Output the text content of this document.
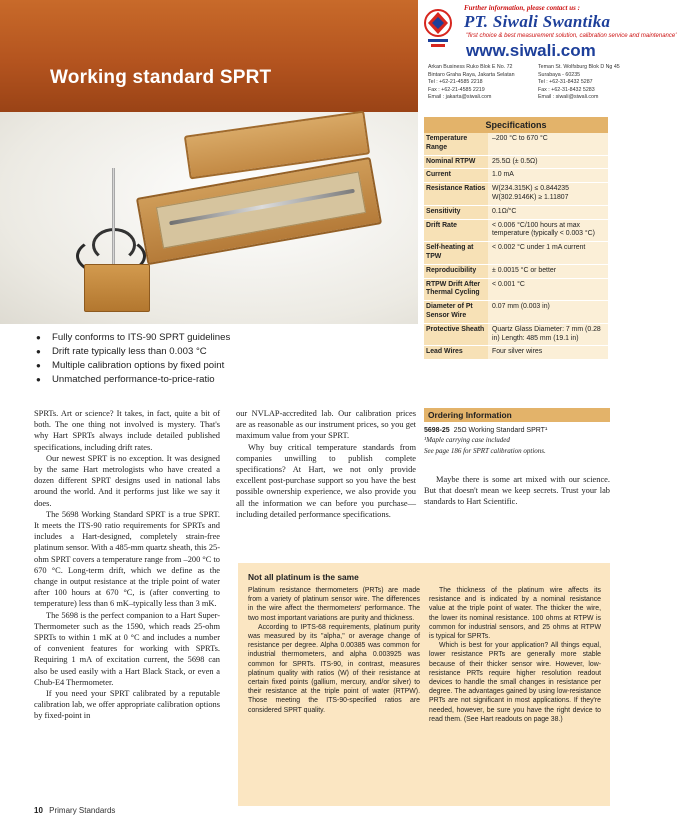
Working standard SPRT
Further information, please contact us :
PT. Siwali Swantika
"first choice & best measurement solution, calibration service and maintenance"
www.siwali.com
Arkan Business Ruko Blok E No. 72
Bintaro Graha Raya, Jakarta Selatan
Tel : +62-21-4585 2218
Fax : +62-21-4585 2219
Email : jakarta@siwali.com
Teman St. Wolfsburg Blok D Ng 45
Surabaya - 60235
Tel : +62-31-8432 5287
Fax : +62-31-8432 5283
Email : siwali@siwali.com
● Fully conforms to ITS-90 SPRT guidelines
● Drift rate typically less than 0.003 °C
● Multiple calibration options by fixed point
● Unmatched performance-to-price-ratio

SPRTs. Art or science? It takes, in fact, quite a bit of both. The one thing not involved is mystery. That's why Hart SPRTs always include detailed published specifications, including drift rates.

Our newest SPRT is no exception. It was designed by the same Hart metrologists who have created a dozen different SPRT designs used in national labs around the world. And it performs just like we say it does.

The 5698 Working Standard SPRT is a true SPRT. It meets the ITS-90 ratio requirements for SPRTs and includes a Hart-designed, completely strain-free platinum sensor. With a 485-mm quartz sheath, this 25-ohm SPRT covers a temperature range from –200 °C to 670 °C. Long-term drift, which we define as the change in output resistance at the triple point of water after 100 hours at 670 °C, is (after converting to temperature) less than 6 mK–typically less than 3 mK.

The 5698 is the perfect companion to a Hart Super-Thermometer such as the 1590, which reads 25-ohm SPRTs to within 1 mK at 0 °C and includes a number of convenient features for working with SPRTs. Requiring 1 mA of excitation current, the 5698 can also be used easily with a Hart Black Stack, or even a Chub-E4 Thermometer.

If you need your SPRT calibrated by a reputable calibration lab, we offer appropriate calibration options by fixed-point in

our NVLAP-accredited lab. Our calibration prices are as reasonable as our instrument prices, so you get maximum value from your SPRT.

Why buy critical temperature standards from companies unwilling to publish complete specifications? At Hart, we not only provide excellent post-purchase support so you have the best possible ownership experience, we also provide you all the information we can before you purchase—including detailed performance specifications.

Specifications
Temperature Range	–200 °C to 670 °C
Nominal RTPW	25.5Ω (± 0.5Ω)
Current	1.0 mA
Resistance Ratios	W(234.315K) ≤ 0.844235 W(302.9146K) ≥ 1.11807
Sensitivity	0.1Ω/°C
Drift Rate	< 0.006 °C/100 hours at max temperature (typically < 0.003 °C)
Self-heating at TPW	< 0.002 °C under 1 mA current
Reproducibility	± 0.0015 °C or better
RTPW Drift After Thermal Cycling	< 0.001 °C
Diameter of Pt Sensor Wire	0.07 mm (0.003 in)
Protective Sheath	Quartz Glass Diameter: 7 mm (0.28 in) Length: 485 mm (19.1 in)
Lead Wires	Four silver wires
Ordering Information
5698-25 25Ω Working Standard SPRT¹
¹Maple carrying case included
See page 186 for SPRT calibration options.
Maybe there is some art mixed with our science. But that doesn't mean we keep secrets. Trust your lab standards to Hart Scientific.
Not all platinum is the same

Platinum resistance thermometers (PRTs) are made from a variety of platinum sensor wire. The differences in the wire affect the thermometers' performance. The two most important variations are purity and thickness.

According to IPTS-68 requirements, platinum purity was measured by its "alpha," or average change of resistance per degree. Alpha 0.00385 was common for industrial thermometers, and alpha 0.003925 was common for SPRTs. ITS-90, in contrast, measures platinum quality with ratios (W) of their resistance at certain fixed points (gallium, mercury, and/or silver) to their resistance at the triple point of water (RTPW). Those meeting the ITS-90-specified ratios are considered SPRT quality.

The thickness of the platinum wire affects its resistance and is indicated by a nominal resistance value at the triple point of water. The thicker the wire, the lower its nominal resistance. 100 ohms at RTPW is common for industrial sensors, and 25 ohms at RTPW is typical for SPRTs.

Which is best for your application? All things equal, lower resistance PRTs are generally more stable because of their thicker sensor wire. However, low-resistance PRTs require higher resolution readout devices to handle the small changes in resistance per degree. The advantages gained by using low-resistance PRTs are not significant in most applications. If they're needed, however, be sure you have the right device to read them. (See Hart readouts on page 38.)

10 Primary Standards
